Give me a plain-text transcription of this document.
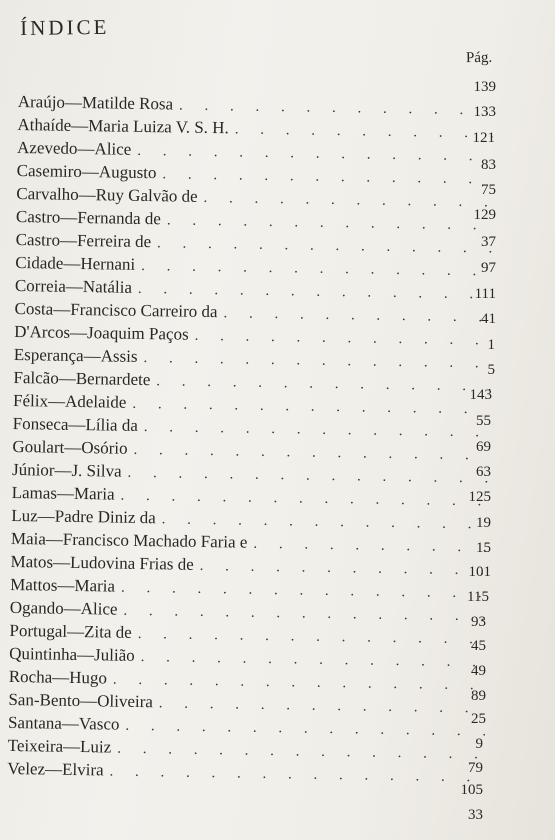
ÍNDICE
Pág.
Araújo—Matilde Rosa
. . .
Athaíde—Maria Luiza V. S. H.
. . .
Azevedo—Alice
. . .
Casemiro—Augusto
. . .
Carvalho—Ruy Galvão de
. . .
Castro—Fernanda de
. . .
Castro—Ferreira de
. . .
Cidade—Hernani
. . .
Correia—Natália
. . .
Costa—Francisco Carreiro da
. . .
D'Arcos—Joaquim Paços
. . .
Esperança—Assis
. . .
Falcão—Bernardete
. . .
Félix—Adelaide
. . .
Fonseca—Lília da
. . .
Goulart—Osório
. . .
Júnior—J. Silva
. . .
Lamas—Maria
. . .
Luz—Padre Diniz da
. . .
Maia—Francisco Machado Faria e
. . .
Matos—Ludovina Frias de
. . .
Mattos—Maria
. . .
Ogando—Alice
. . .
Portugal—Zita de
. . .
Quintinha—Julião
. . .
Rocha—Hugo
. . .
San-Bento—Oliveira
. . .
Santana—Vasco
. . .
Teixeira—Luiz
. . .
Velez—Elvira
. . .
139
133
121
83
75
129
37
97
111
41
1
5
143
55
69
63
125
19
15
101
115
93
45
49
89
25
9
79
105
33
